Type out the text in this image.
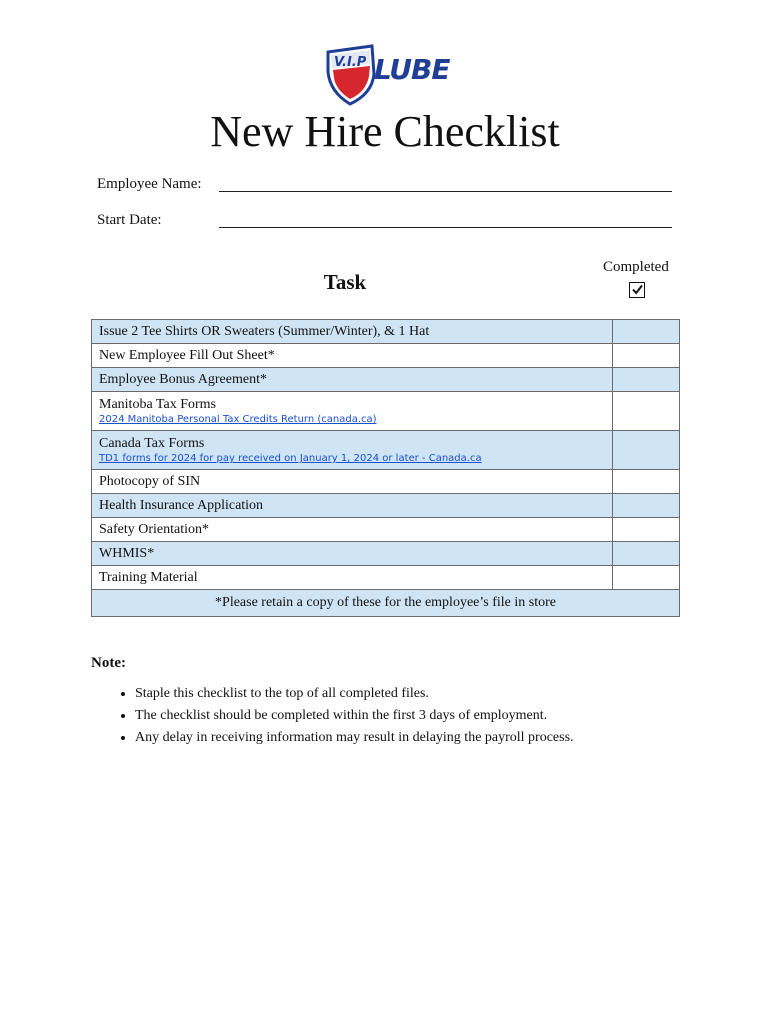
V.I.P LUBE
New Hire Checklist
Employee Name:
Start Date:
Task
Completed
Issue 2 Tee Shirts OR Sweaters (Summer/Winter), & 1 Hat	
New Employee Fill Out Sheet*	
Employee Bonus Agreement*	
Manitoba Tax Forms
2024 Manitoba Personal Tax Credits Return (canada.ca)	

Canada Tax Forms
TD1 forms for 2024 for pay received on January 1, 2024 or later - Canada.ca	

Photocopy of SIN	
Health Insurance Application	
Safety Orientation*	
WHMIS*	
Training Material	
*Please retain a copy of these for the employee’s file in store	
Note:
• Staple this checklist to the top of all completed files.
• The checklist should be completed within the first 3 days of employment.
• Any delay in receiving information may result in delaying the payroll process.
